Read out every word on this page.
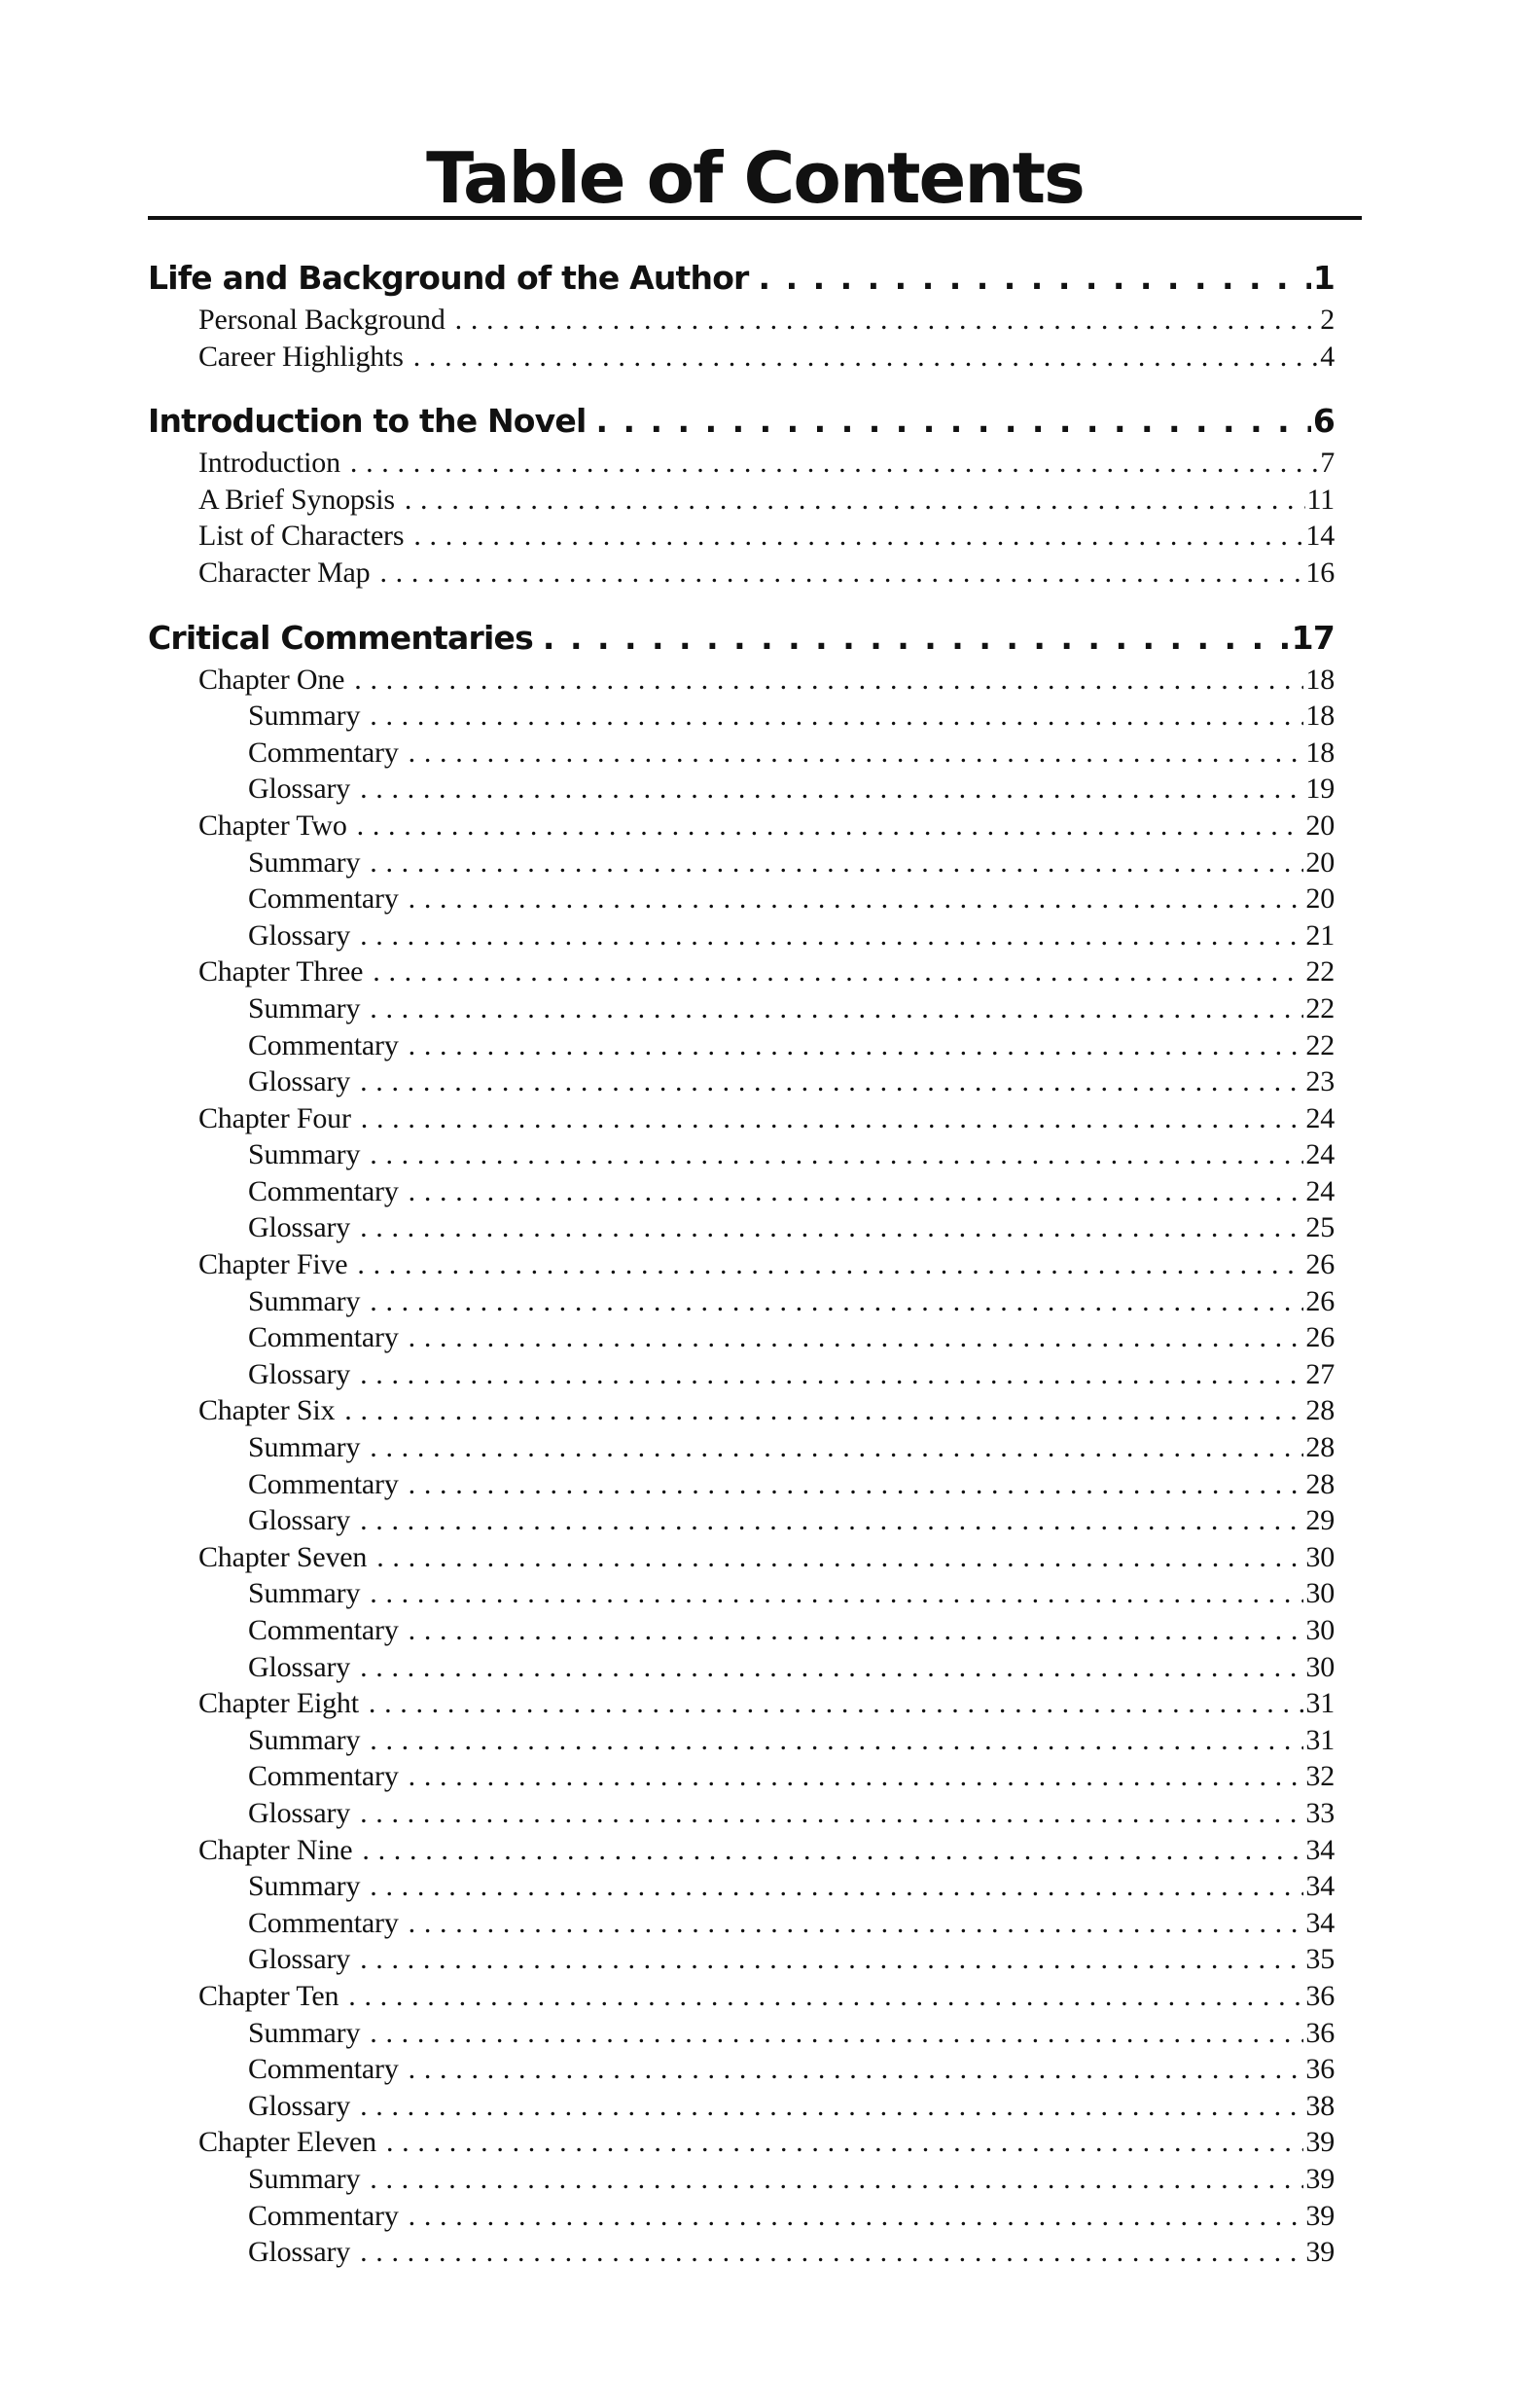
Table of Contents
Life and Background of the Author . . .	1
Personal Background . . .	2
Career Highlights . . .	4
Introduction to the Novel . . .	6
Introduction . . .	7
A Brief Synopsis . . .	11
List of Characters . . .	14
Character Map . . .	16
Critical Commentaries . . .	17
Chapter One . . .	18
Summary . . .	18
Commentary . . .	18
Glossary . . .	19
Chapter Two . . .	20
Summary . . .	20
Commentary . . .	20
Glossary . . .	21
Chapter Three . . .	22
Summary . . .	22
Commentary . . .	22
Glossary . . .	23
Chapter Four . . .	24
Summary . . .	24
Commentary . . .	24
Glossary . . .	25
Chapter Five . . .	26
Summary . . .	26
Commentary . . .	26
Glossary . . .	27
Chapter Six . . .	28
Summary . . .	28
Commentary . . .	28
Glossary . . .	29
Chapter Seven . . .	30
Summary . . .	30
Commentary . . .	30
Glossary . . .	30
Chapter Eight . . .	31
Summary . . .	31
Commentary . . .	32
Glossary . . .	33
Chapter Nine . . .	34
Summary . . .	34
Commentary . . .	34
Glossary . . .	35
Chapter Ten . . .	36
Summary . . .	36
Commentary . . .	36
Glossary . . .	38
Chapter Eleven . . .	39
Summary . . .	39
Commentary . . .	39
Glossary . . .	39
